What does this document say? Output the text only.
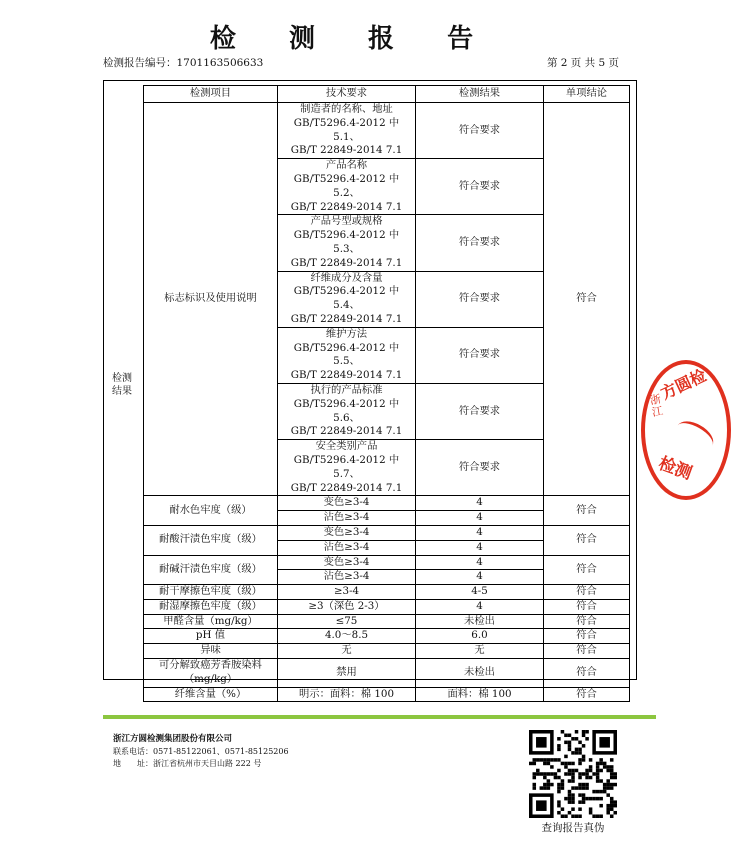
检 测 报 告
检测报告编号：1701163506633	第 2 页 共 5 页
检测
结果
检测项目	技术要求	检测结果	单项结论
标志标识及使用说明	制造者的名称、地址
GB/T5296.4-2012 中 5.1、
GB/T 22849-2014 7.1	符合要求	符合

	产品名称
GB/T5296.4-2012 中 5.2、
GB/T 22849-2014 7.1	符合要求	

	产品号型或规格
GB/T5296.4-2012 中 5.3、
GB/T 22849-2014 7.1	符合要求	

	纤维成分及含量
GB/T5296.4-2012 中 5.4、
GB/T 22849-2014 7.1	符合要求	

	维护方法
GB/T5296.4-2012 中 5.5、
GB/T 22849-2014 7.1	符合要求	

	执行的产品标准
GB/T5296.4-2012 中 5.6、
GB/T 22849-2014 7.1	符合要求	

	安全类别产品
GB/T5296.4-2012 中 5.7、
GB/T 22849-2014 7.1	符合要求	
耐水色牢度（级）	变色≥3-4	4	符合
	沾色≥3-4	4	
耐酸汗渍色牢度（级）	变色≥3-4	4	符合
	沾色≥3-4	4	
耐碱汗渍色牢度（级）	变色≥3-4	4	符合
	沾色≥3-4	4	
耐干摩擦色牢度（级）	≥3-4	4-5	符合
耐湿摩擦色牢度（级）	≥3（深色 2-3）	4	符合
甲醛含量（mg/kg）	≤75	未检出	符合
pH 值	4.0～8.5	6.0	符合
异味	无	无	符合
可分解致癌芳香胺染料（mg/kg）	禁用	未检出	符合
纤维含量（%）	明示：面料：棉 100	面料：棉 100	符合
方圆检
浙江
检测
浙江方圆检测集团股份有限公司
联系电话：0571-85122061、0571-85125206
地　　址：浙江省杭州市天目山路 222 号
查询报告真伪
